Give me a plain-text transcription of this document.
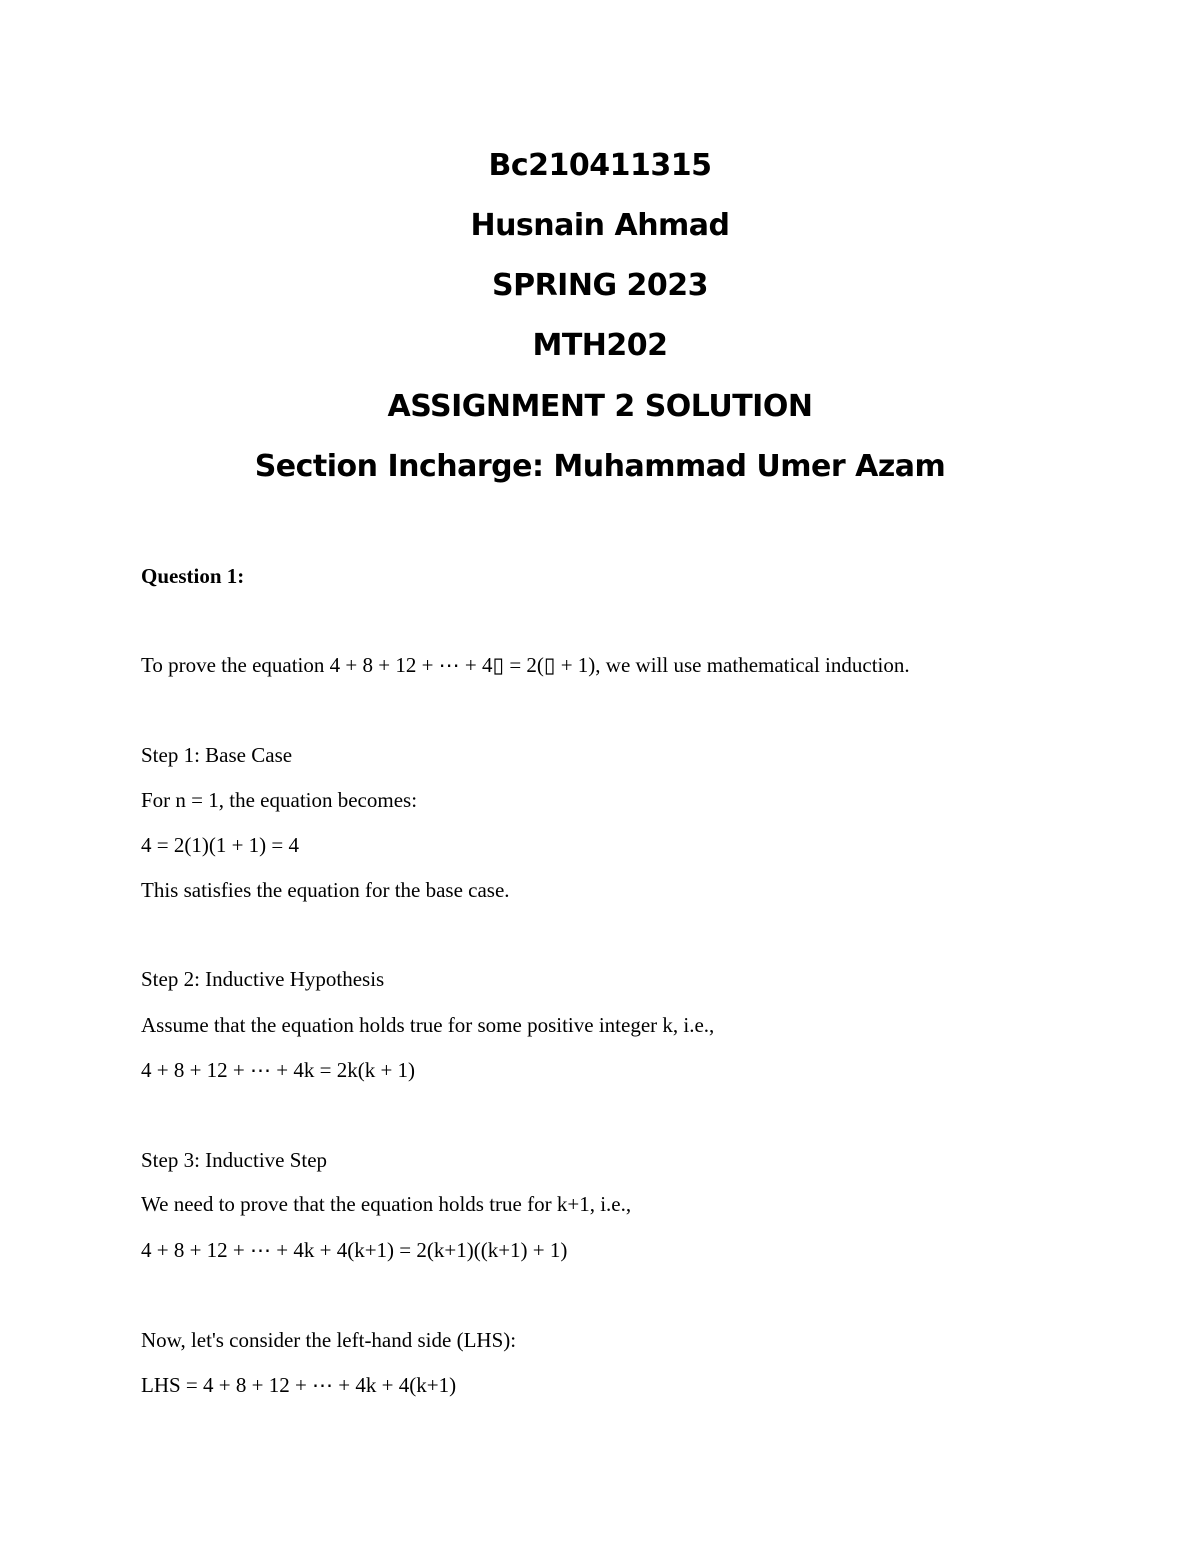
Bc210411315
Husnain Ahmad
SPRING 2023
MTH202
ASSIGNMENT 2 SOLUTION
Section Incharge: Muhammad Umer Azam
Question 1:
To prove the equation 4 + 8 + 12 + ⋯ + 4▯ = 2(▯ + 1), we will use mathematical induction.
Step 1: Base Case
For n = 1, the equation becomes:
4 = 2(1)(1 + 1) = 4
This satisfies the equation for the base case.
Step 2: Inductive Hypothesis
Assume that the equation holds true for some positive integer k, i.e.,
4 + 8 + 12 + ⋯ + 4k = 2k(k + 1)
Step 3: Inductive Step
We need to prove that the equation holds true for k+1, i.e.,
4 + 8 + 12 + ⋯ + 4k + 4(k+1) = 2(k+1)((k+1) + 1)
Now, let's consider the left-hand side (LHS):
LHS = 4 + 8 + 12 + ⋯ + 4k + 4(k+1)
